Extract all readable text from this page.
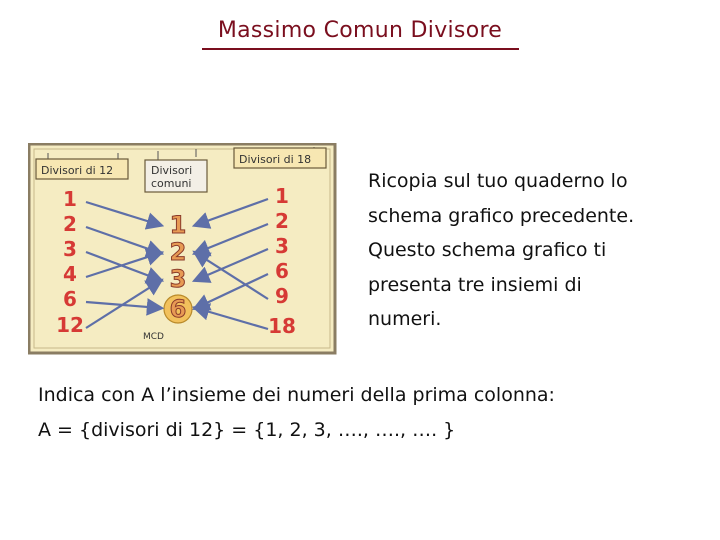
Massimo Comun Divisore
Divisori di 12	Divisori
comuni
Divisori di 18
1
2
3
4
6
12
1
2
3
6
9
18
1
2
3
6
MCD
Ricopia sul tuo quaderno lo
schema grafico precedente.
Questo schema grafico ti
presenta tre insiemi di
numeri.
Indica con A l’insieme dei numeri della prima colonna:
A = {divisori di 12} = {1, 2, 3, …., …., …. }
